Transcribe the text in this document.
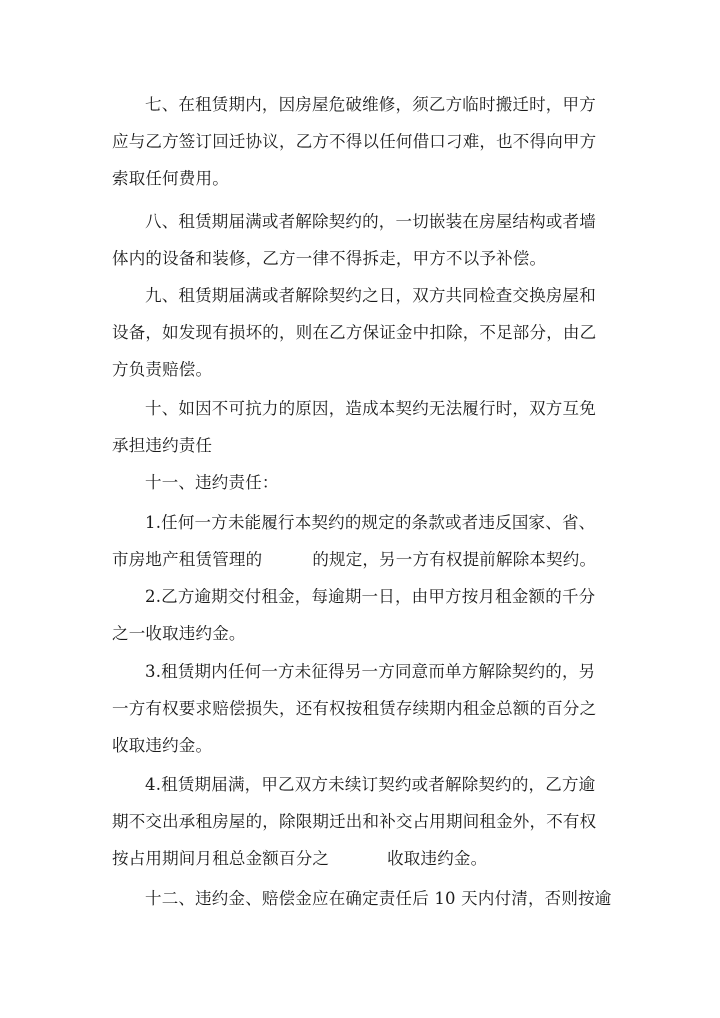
七、在租赁期内，因房屋危破维修，须乙方临时搬迁时，甲方
应与乙方签订回迁协议，乙方不得以任何借口刁难，也不得向甲方
索取任何费用。
八、租赁期届满或者解除契约的，一切嵌装在房屋结构或者墙
体内的设备和装修，乙方一律不得拆走，甲方不以予补偿。
九、租赁期届满或者解除契约之日，双方共同检查交换房屋和
设备，如发现有损坏的，则在乙方保证金中扣除，不足部分，由乙
方负责赔偿。
十、如因不可抗力的原因，造成本契约无法履行时，双方互免
承担违约责任
十一、违约责任：
1.任何一方未能履行本契约的规定的条款或者违反国家、省、
市房地产租赁管理的	的规定，另一方有权提前解除本契约。
2.乙方逾期交付租金，每逾期一日，由甲方按月租金额的千分
之一收取违约金。
3.租赁期内任何一方未征得另一方同意而单方解除契约的，另
一方有权要求赔偿损失，还有权按租赁存续期内租金总额的百分之
收取违约金。
4.租赁期届满，甲乙双方未续订契约或者解除契约的，乙方逾
期不交出承租房屋的，除限期迁出和补交占用期间租金外，不有权
按占用期间月租总金额百分之	收取违约金。
十二、违约金、赔偿金应在确定责任后 10 天内付清，否则按逾
